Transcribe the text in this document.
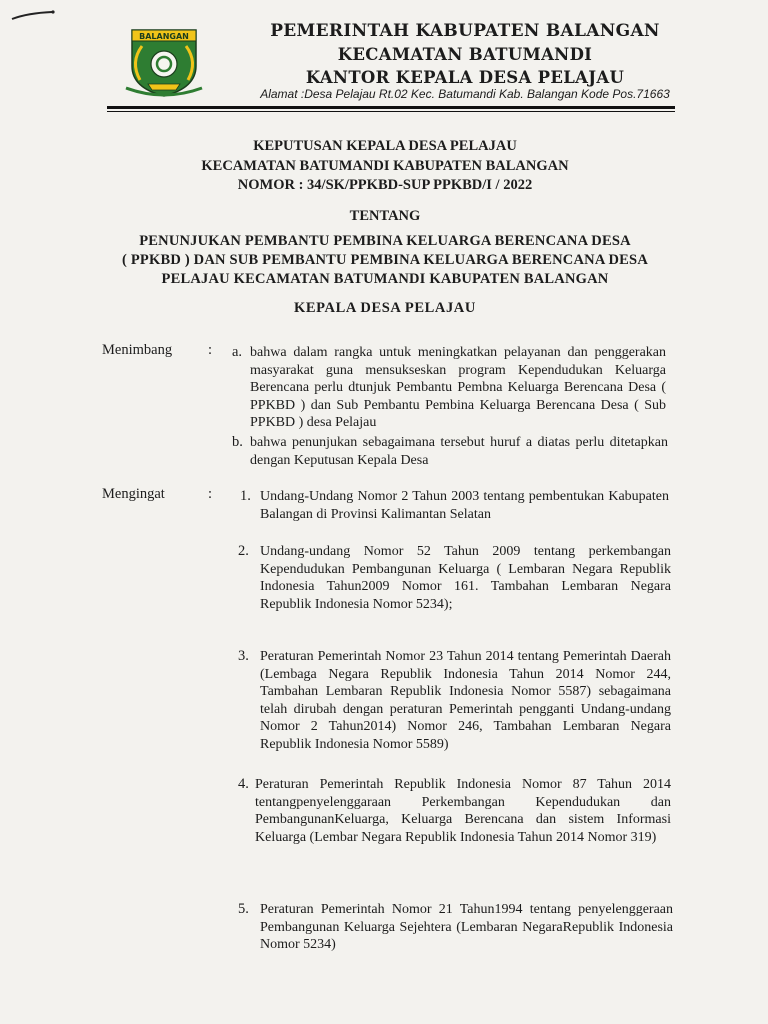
BALANGAN	PEMERINTAH KABUPATEN BALANGAN
KECAMATAN BATUMANDI
KANTOR KEPALA DESA PELAJAU
Alamat :Desa Pelajau Rt.02 Kec. Batumandi Kab. Balangan Kode Pos.71663
KEPUTUSAN KEPALA DESA PELAJAU
KECAMATAN BATUMANDI KABUPATEN BALANGAN
NOMOR : 34/SK/PPKBD-SUP PPKBD/I / 2022
TENTANG
PENUNJUKAN PEMBANTU PEMBINA KELUARGA BERENCANA DESA
( PPKBD ) DAN SUB PEMBANTU PEMBINA KELUARGA BERENCANA DESA
PELAJAU KECAMATAN BATUMANDI KABUPATEN BALANGAN
KEPALA DESA PELAJAU
Menimbang : a. bahwa dalam rangka untuk meningkatkan pelayanan dan penggerakan masyarakat guna mensukseskan program Kependudukan Keluarga Berencana perlu dtunjuk Pembantu Pembna Keluarga Berencana Desa ( PPKBD ) dan Sub Pembantu Pembina Keluarga Berencana Desa ( Sub PPKBD ) desa Pelajau
b. bahwa penunjukan sebagaimana tersebut huruf a diatas perlu ditetapkan dengan Keputusan Kepala Desa
Mengingat	: 1. Undang-Undang Nomor 2 Tahun 2003 tentang pembentukan Kabupaten Balangan di Provinsi Kalimantan Selatan
2. Undang-undang Nomor 52 Tahun 2009 tentang perkembangan Kependudukan Pembangunan Keluarga ( Lembaran Negara Republik Indonesia Tahun2009 Nomor 161. Tambahan Lembaran Negara Republik Indonesia Nomor 5234);
3. Peraturan Pemerintah Nomor 23 Tahun 2014 tentang Pemerintah Daerah (Lembaga Negara Republik Indonesia Tahun 2014 Nomor 244, Tambahan Lembaran Republik Indonesia Nomor 5587) sebagaimana telah dirubah dengan peraturan Pemerintah pengganti Undang-undang Nomor 2 Tahun2014) Nomor 246, Tambahan Lembaran Negara Republik Indonesia Nomor 5589)
4. Peraturan Pemerintah Republik Indonesia Nomor 87 Tahun 2014 tentangpenyelenggaraan Perkembangan Kependudukan dan PembangunanKeluarga, Keluarga Berencana dan sistem Informasi Keluarga (Lembar Negara Republik Indonesia Tahun 2014 Nomor 319)
5. Peraturan Pemerintah Nomor 21 Tahun1994 tentang penyelenggeraan Pembangunan Keluarga Sejehtera (Lembaran NegaraRepublik Indonesia Nomor 5234)
